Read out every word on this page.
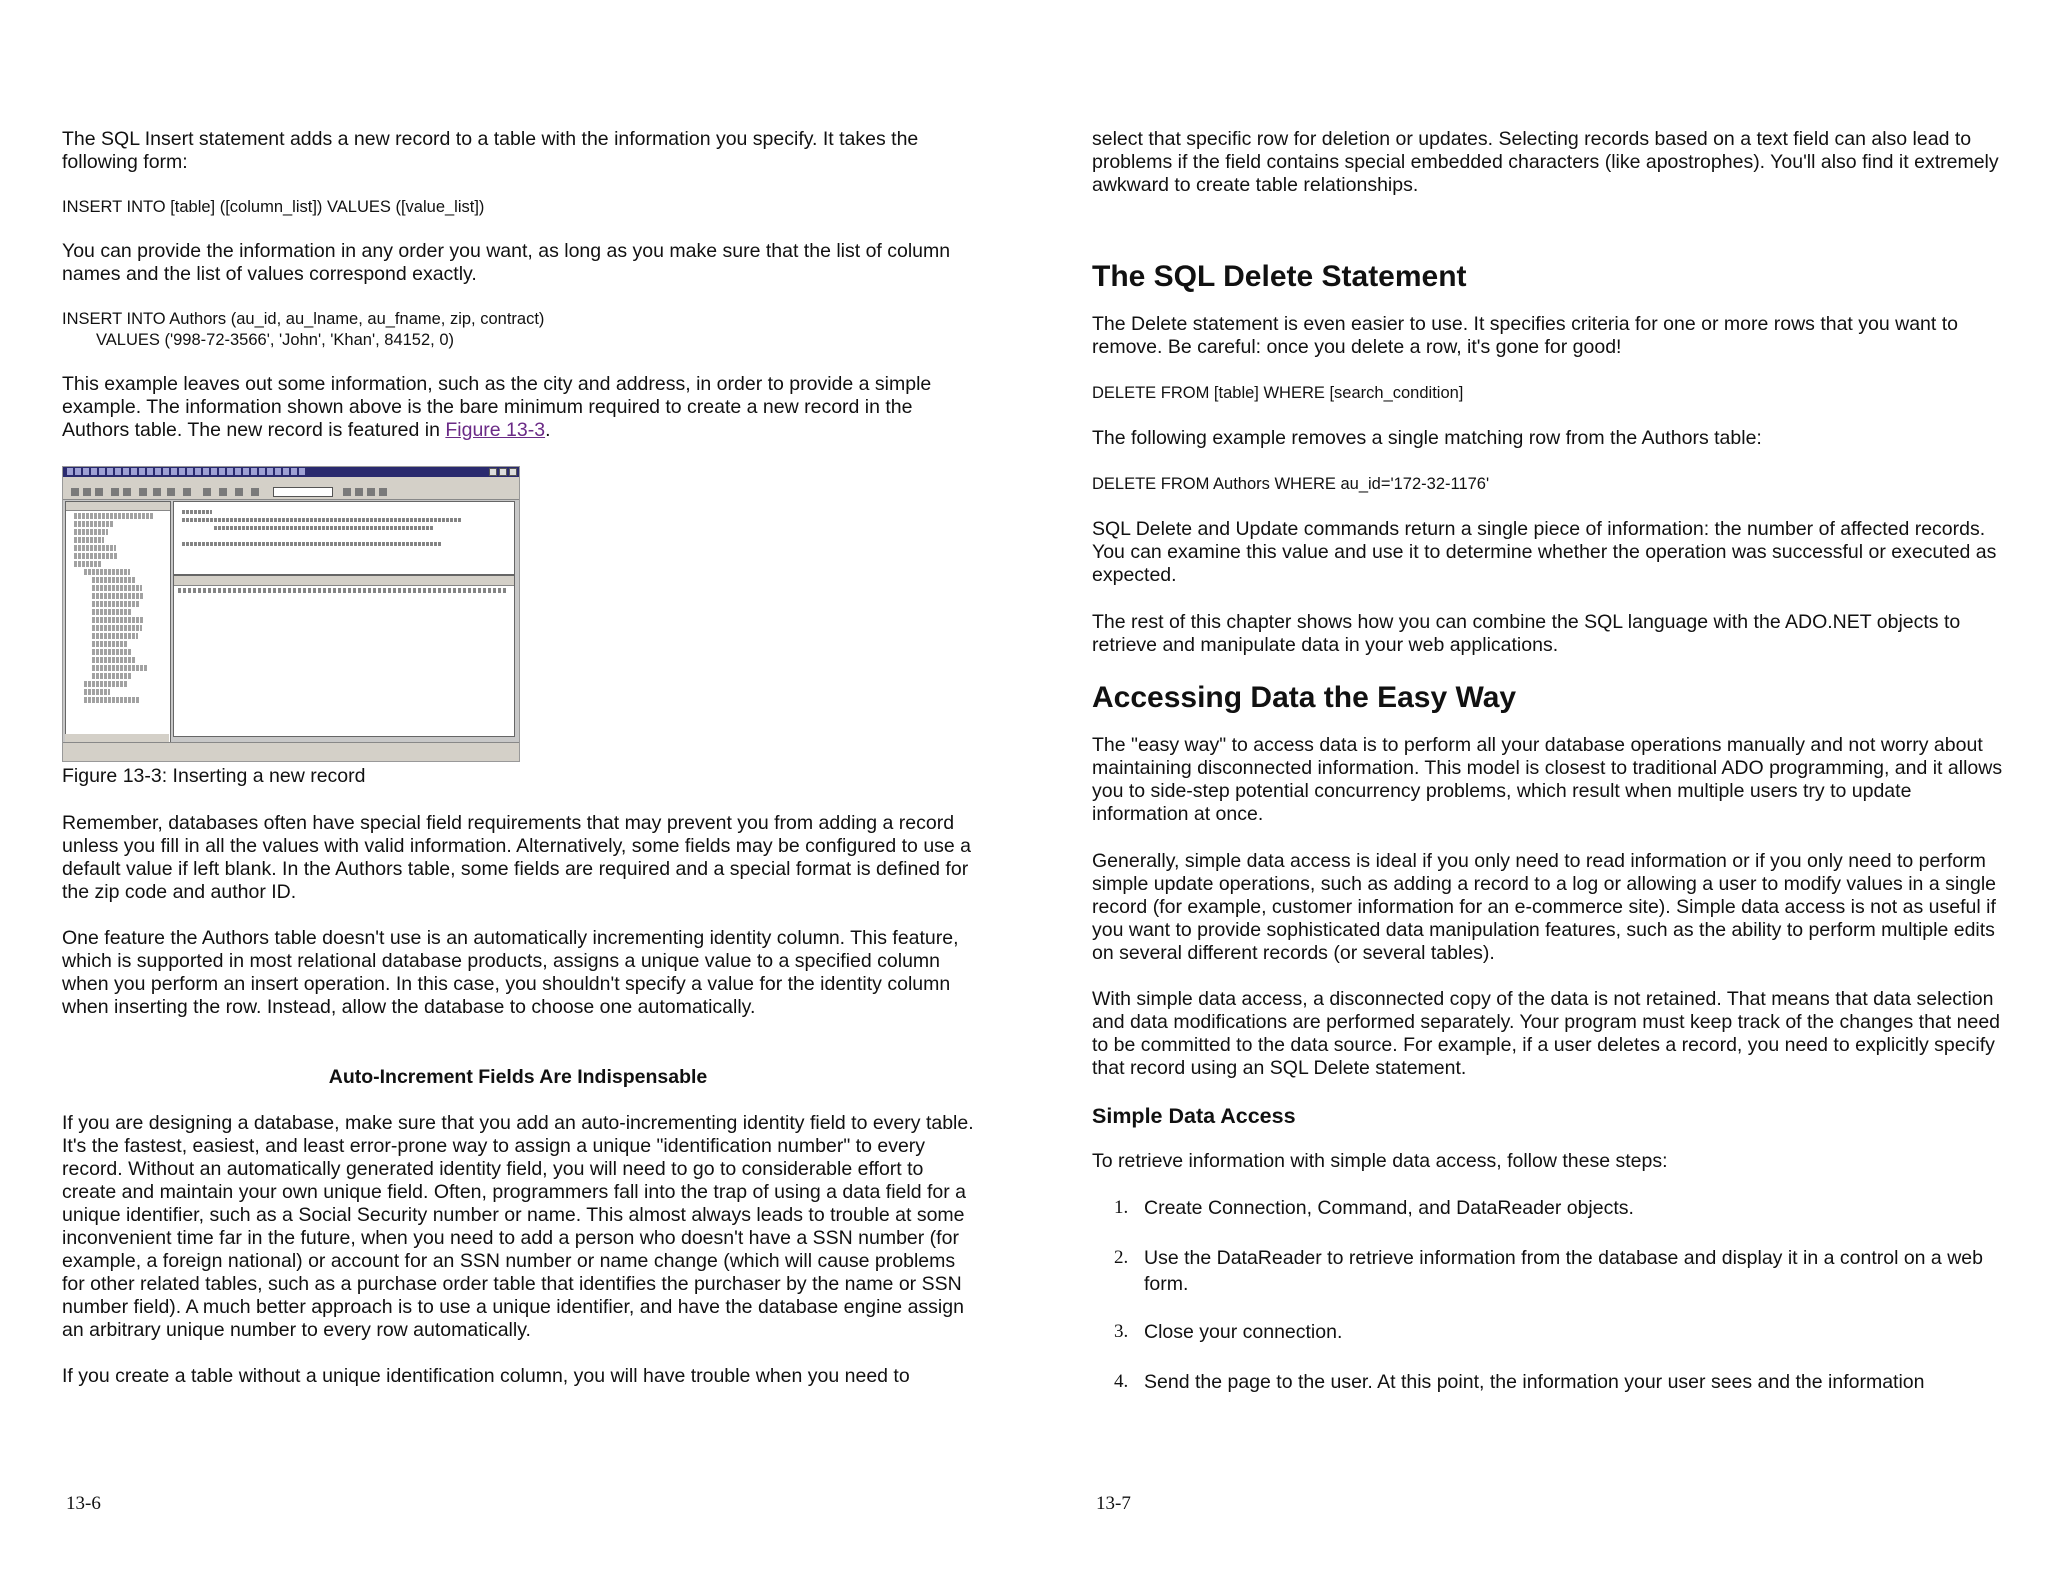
The SQL Insert statement adds a new record to a table with the information you specify. It takes the following form:

INSERT INTO [table] ([column_list]) VALUES ([value_list])

You can provide the information in any order you want, as long as you make sure that the list of column names and the list of values correspond exactly.

INSERT INTO Authors (au_id, au_lname, au_fname, zip, contract)
VALUES ('998-72-3566', 'John', 'Khan', 84152, 0)

This example leaves out some information, such as the city and address, in order to provide a simple example. The information shown above is the bare minimum required to create a new record in the Authors table. The new record is featured in Figure 13-3.

Figure 13-3: Inserting a new record

Remember, databases often have special field requirements that may prevent you from adding a record unless you fill in all the values with valid information. Alternatively, some fields may be configured to use a default value if left blank. In the Authors table, some fields are required and a special format is defined for the zip code and author ID.

One feature the Authors table doesn't use is an automatically incrementing identity column. This feature, which is supported in most relational database products, assigns a unique value to a specified column when you perform an insert operation. In this case, you shouldn't specify a value for the identity column when inserting the row. Instead, allow the database to choose one automatically.

Auto-Increment Fields Are Indispensable

If you are designing a database, make sure that you add an auto-incrementing identity field to every table. It's the fastest, easiest, and least error-prone way to assign a unique "identification number" to every record. Without an automatically generated identity field, you will need to go to considerable effort to create and maintain your own unique field. Often, programmers fall into the trap of using a data field for a unique identifier, such as a Social Security number or name. This almost always leads to trouble at some inconvenient time far in the future, when you need to add a person who doesn't have a SSN number (for example, a foreign national) or account for an SSN number or name change (which will cause problems for other related tables, such as a purchase order table that identifies the purchaser by the name or SSN number field). A much better approach is to use a unique identifier, and have the database engine assign an arbitrary unique number to every row automatically.

If you create a table without a unique identification column, you will have trouble when you need to

13-6

select that specific row for deletion or updates. Selecting records based on a text field can also lead to problems if the field contains special embedded characters (like apostrophes). You'll also find it extremely awkward to create table relationships.

The SQL Delete Statement

The Delete statement is even easier to use. It specifies criteria for one or more rows that you want to remove. Be careful: once you delete a row, it's gone for good!

DELETE FROM [table] WHERE [search_condition]

The following example removes a single matching row from the Authors table:

DELETE FROM Authors WHERE au_id='172-32-1176'

SQL Delete and Update commands return a single piece of information: the number of affected records. You can examine this value and use it to determine whether the operation was successful or executed as expected.

The rest of this chapter shows how you can combine the SQL language with the ADO.NET objects to retrieve and manipulate data in your web applications.

Accessing Data the Easy Way

The "easy way" to access data is to perform all your database operations manually and not worry about maintaining disconnected information. This model is closest to traditional ADO programming, and it allows you to side-step potential concurrency problems, which result when multiple users try to update information at once.

Generally, simple data access is ideal if you only need to read information or if you only need to perform simple update operations, such as adding a record to a log or allowing a user to modify values in a single record (for example, customer information for an e-commerce site). Simple data access is not as useful if you want to provide sophisticated data manipulation features, such as the ability to perform multiple edits on several different records (or several tables).

With simple data access, a disconnected copy of the data is not retained. That means that data selection and data modifications are performed separately. Your program must keep track of the changes that need to be committed to the data source. For example, if a user deletes a record, you need to explicitly specify that record using an SQL Delete statement.

Simple Data Access

To retrieve information with simple data access, follow these steps:

1. Create Connection, Command, and DataReader objects.
2. Use the DataReader to retrieve information from the database and display it in a control on a web form.
3. Close your connection.
4. Send the page to the user. At this point, the information your user sees and the information
13-7
